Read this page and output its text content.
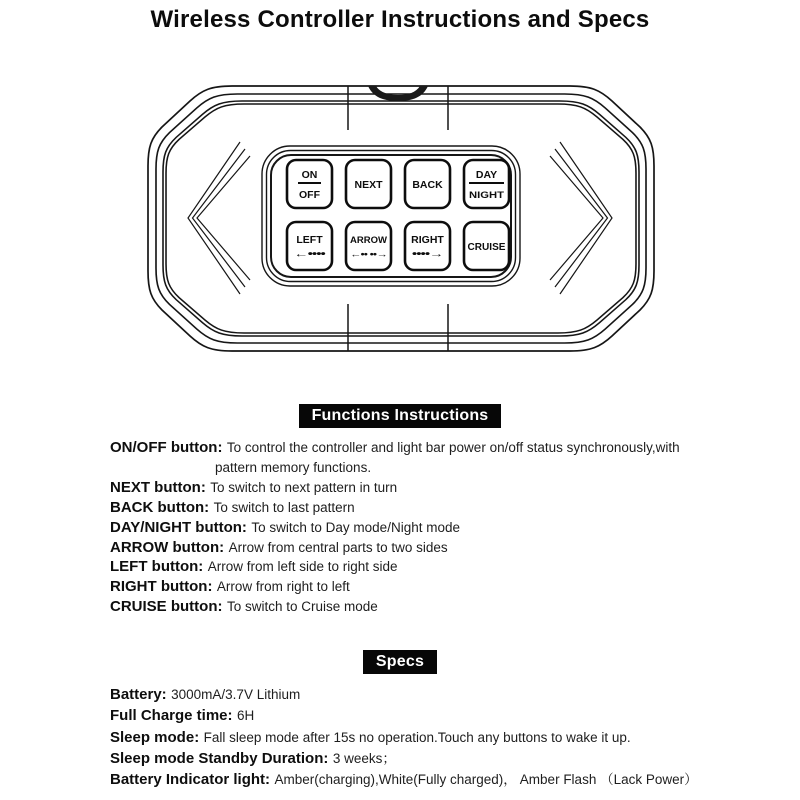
Wireless Controller Instructions and Specs
ON
OFF
NEXT	BACK
DAY
NIGHT
LEFT
←••••
ARROW
←•• ••→
RIGHT
••••→
CRUISE
Functions Instructions
ON/OFF button: To control the controller and light bar power on/off status synchronously,with
pattern memory functions.
NEXT button: To switch to next pattern in turn
BACK button: To switch to last pattern
DAY/NIGHT button: To switch to Day mode/Night mode
ARROW button: Arrow from central parts to two sides
LEFT button: Arrow from left side to right side
RIGHT button: Arrow from right to left
CRUISE button: To switch to Cruise mode
Specs
Battery: 3000mA/3.7V Lithium
Full Charge time: 6H
Sleep mode: Fall sleep mode after 15s no operation.Touch any buttons to wake it up.
Sleep mode Standby Duration: 3 weeks；
Battery Indicator light: Amber(charging),White(Fully charged)， Amber Flash （Lack Power）
